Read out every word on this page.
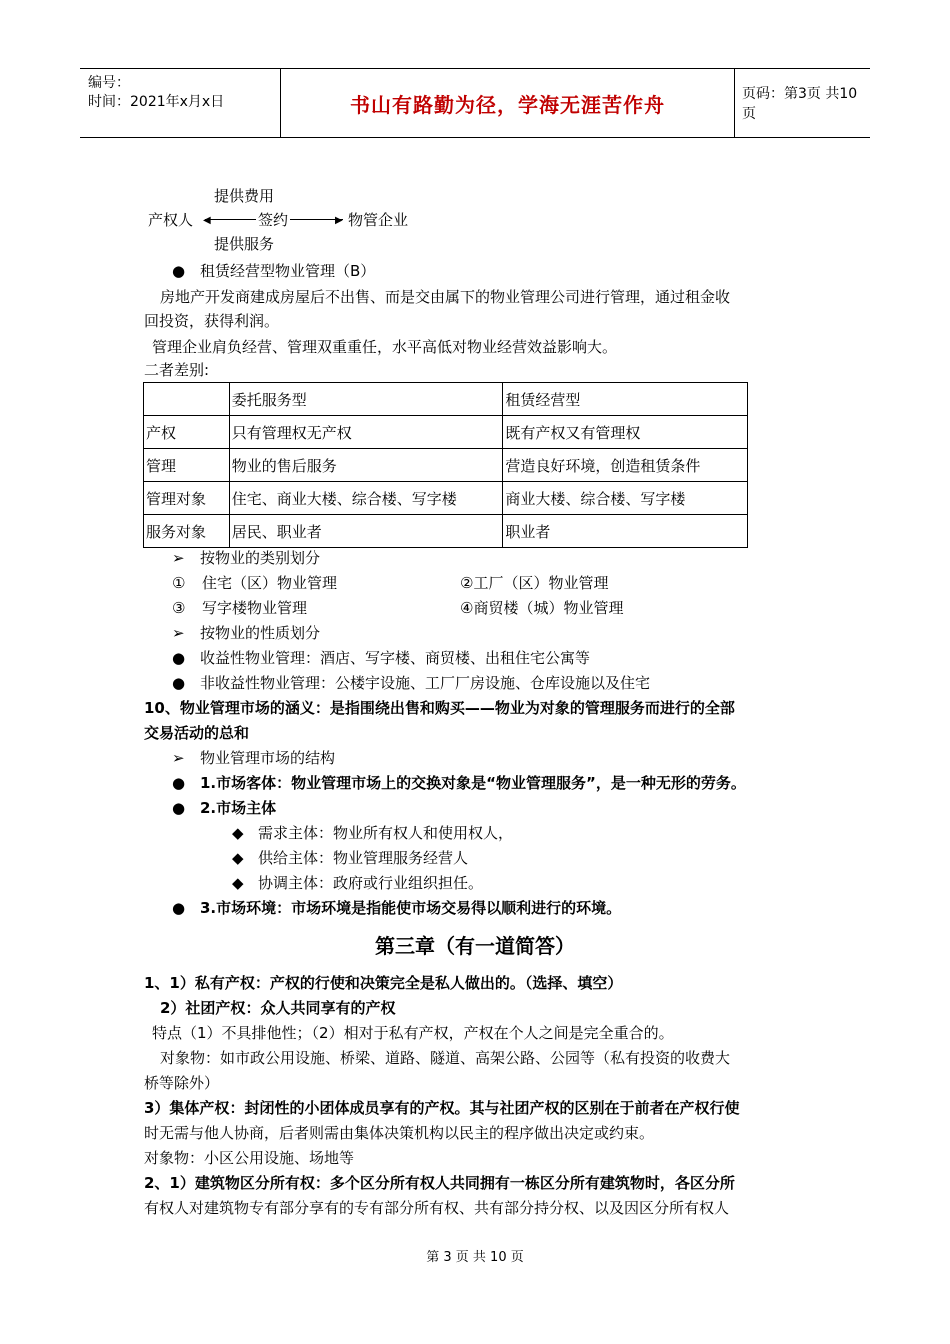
编号：
时间：2021年x月x日	书山有路勤为径，学海无涯苦作舟	页码：第3页 共10页
提供费用
产权人 ◀	▶
签约	物管企业
提供服务
● 租赁经营型物业管理（B）
房地产开发商建成房屋后不出售、而是交由属下的物业管理公司进行管理，通过租金收
回投资，获得利润。
管理企业肩负经营、管理双重重任，水平高低对物业经营效益影响大。
二者差别:
	委托服务型	租赁经营型
产权	只有管理权无产权	既有产权又有管理权
管理	物业的售后服务	营造良好环境，创造租赁条件
管理对象	住宅、商业大楼、综合楼、写字楼	商业大楼、综合楼、写字楼
服务对象	居民、职业者	职业者
➢ 按物业的类别划分
① 住宅（区）物业管理	②工厂（区）物业管理
③ 写字楼物业管理	④商贸楼（城）物业管理
➢ 按物业的性质划分
● 收益性物业管理：酒店、写字楼、商贸楼、出租住宅公寓等
● 非收益性物业管理：公楼宇设施、工厂厂房设施、仓库设施以及住宅
10、物业管理市场的涵义：是指围绕出售和购买——物业为对象的管理服务而进行的全部
交易活动的总和
➢ 物业管理市场的结构
● 1.市场客体：物业管理市场上的交换对象是“物业管理服务”，是一种无形的劳务。
● 2.市场主体
◆ 需求主体：物业所有权人和使用权人，
◆ 供给主体：物业管理服务经营人
◆ 协调主体：政府或行业组织担任。
● 3.市场环境：市场环境是指能使市场交易得以顺利进行的环境。
第三章（有一道简答）
1、1）私有产权：产权的行使和决策完全是私人做出的。（选择、填空）
2）社团产权：众人共同享有的产权
特点（1）不具排他性；（2）相对于私有产权，产权在个人之间是完全重合的。
对象物：如市政公用设施、桥梁、道路、隧道、高架公路、公园等（私有投资的收费大
桥等除外）
3）集体产权：封闭性的小团体成员享有的产权。其与社团产权的区别在于前者在产权行使
时无需与他人协商，后者则需由集体决策机构以民主的程序做出决定或约束。
对象物：小区公用设施、场地等
2、1）建筑物区分所有权：多个区分所有权人共同拥有一栋区分所有建筑物时，各区分所
有权人对建筑物专有部分享有的专有部分所有权、共有部分持分权、以及因区分所有权人
第 3 页 共 10 页
